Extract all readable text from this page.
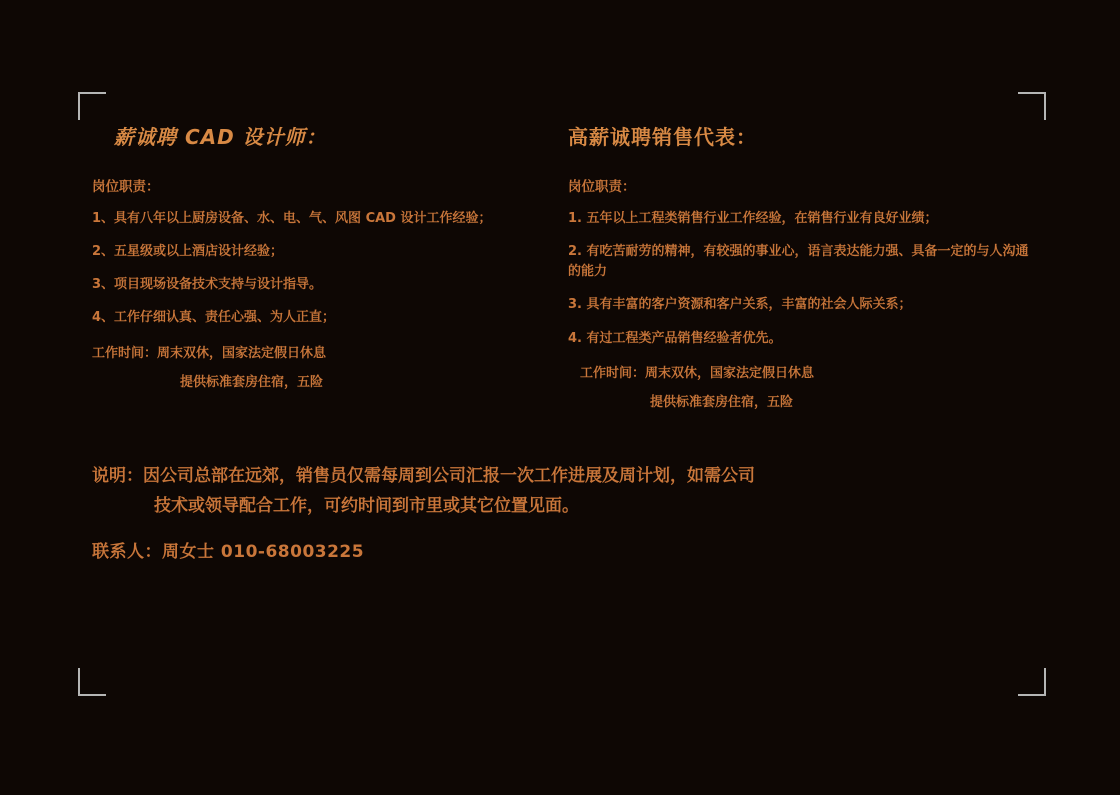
薪诚聘 CAD 设计师：

岗位职责：

1、具有八年以上厨房设备、水、电、气、风图 CAD 设计工作经验；

2、五星级或以上酒店设计经验；

3、项目现场设备技术支持与设计指导。

4、工作仔细认真、责任心强、为人正直；

工作时间：周末双休，国家法定假日休息

提供标准套房住宿，五险

高薪诚聘销售代表：

岗位职责：

1. 五年以上工程类销售行业工作经验，在销售行业有良好业绩；

2. 有吃苦耐劳的精神，有较强的事业心，语言表达能力强、具备一定的与人沟通的能力

3. 具有丰富的客户资源和客户关系，丰富的社会人际关系；

4. 有过工程类产品销售经验者优先。

工作时间：周末双休，国家法定假日休息

提供标准套房住宿，五险

说明：因公司总部在远郊，销售员仅需每周到公司汇报一次工作进展及周计划，如需公司
技术或领导配合工作，可约时间到市里或其它位置见面。
联系人：周女士 010-68003225
